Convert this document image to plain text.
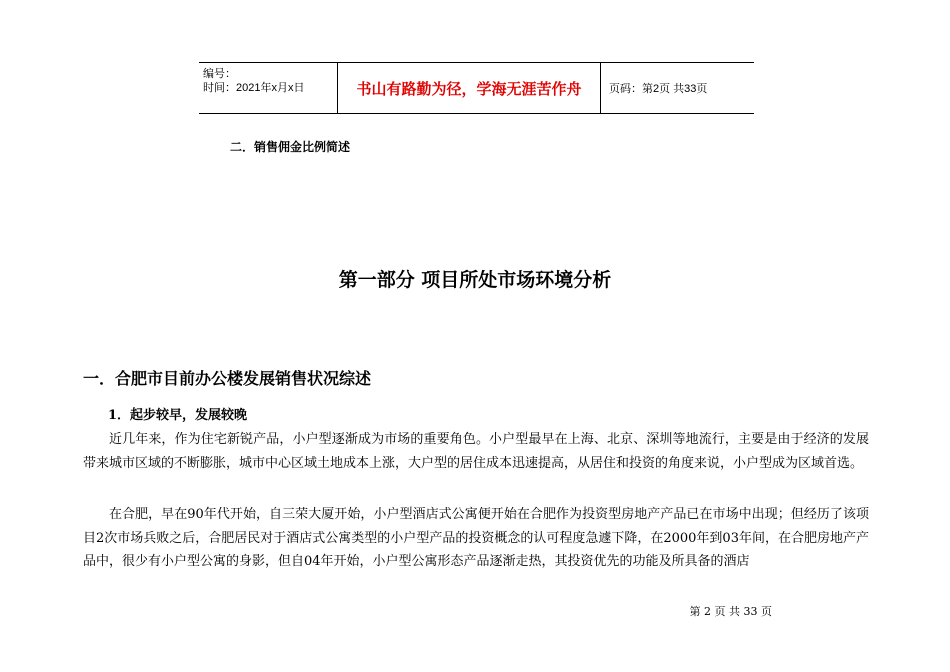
编号：
时间：2021年x月x日	书山有路勤为径，学海无涯苦作舟	页码：第2页 共33页
二．销售佣金比例简述
第一部分 项目所处市场环境分析
一．合肥市目前办公楼发展销售状况综述
1．起步较早，发展较晚
近几年来，作为住宅新锐产品，小户型逐渐成为市场的重要角色。小户型最早在上海、北京、深圳等地流行，主要是由于经济的发展带来城市区域的不断膨胀，城市中心区域土地成本上涨，大户型的居住成本迅速提高，从居住和投资的角度来说，小户型成为区域首选。
在合肥，早在90年代开始，自三荣大厦开始，小户型酒店式公寓便开始在合肥作为投资型房地产产品已在市场中出现；但经历了该项目2次市场兵败之后，合肥居民对于酒店式公寓类型的小户型产品的投资概念的认可程度急遽下降，在2000年到03年间，在合肥房地产产品中，很少有小户型公寓的身影，但自04年开始，小户型公寓形态产品逐渐走热，其投资优先的功能及所具备的酒店
第 2 页 共 33 页
